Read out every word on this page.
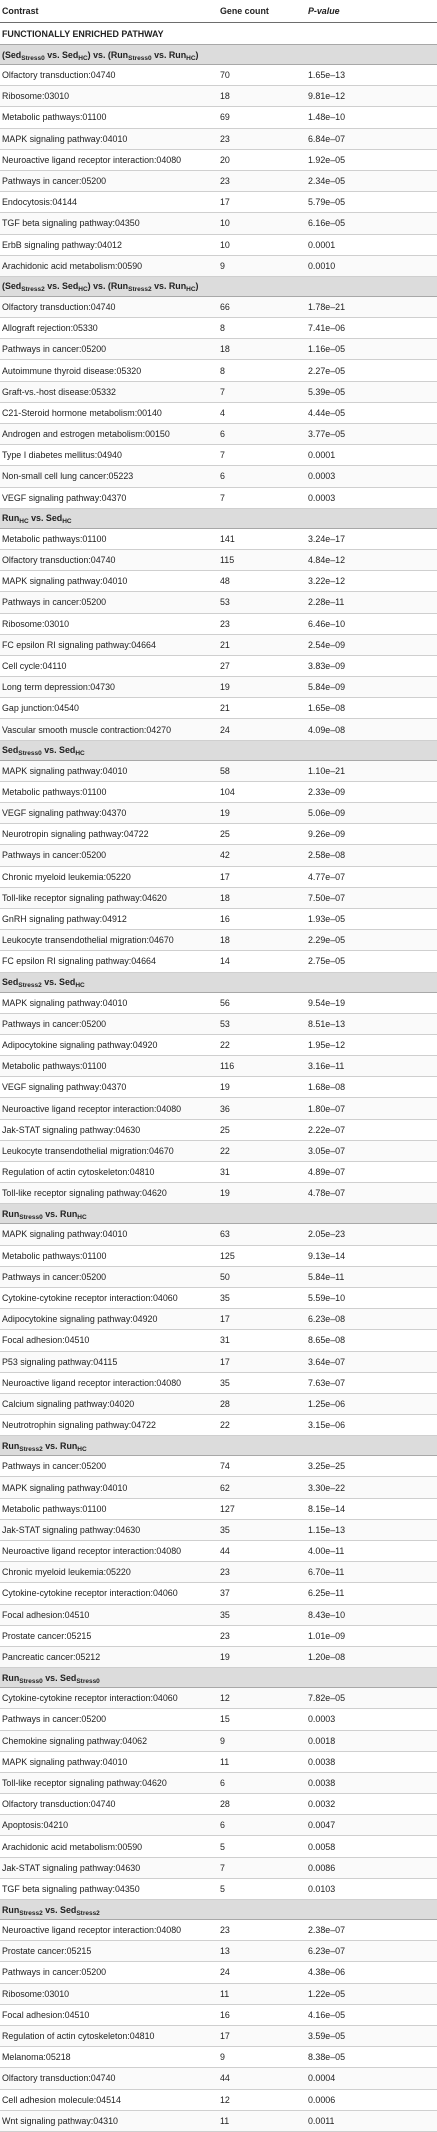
Contrast	Gene count	P-value
FUNCTIONALLY ENRICHED PATHWAY		
(Sed$_{Stress0}$ vs. Sed$_{HC}$) vs. (Run$_{Stress0}$ vs. Run$_{HC}$)		
Olfactory transduction:04740	70	1.65e–13
Ribosome:03010	18	9.81e–12
Metabolic pathways:01100	69	1.48e–10
MAPK signaling pathway:04010	23	6.84e–07
Neuroactive ligand receptor interaction:04080	20	1.92e–05
Pathways in cancer:05200	23	2.34e–05
Endocytosis:04144	17	5.79e–05
TGF beta signaling pathway:04350	10	6.16e–05
ErbB signaling pathway:04012	10	0.0001
Arachidonic acid metabolism:00590	9	0.0010
(Sed$_{Stress2}$ vs. Sed$_{HC}$) vs. (Run$_{Stress2}$ vs. Run$_{HC}$)		
Olfactory transduction:04740	66	1.78e–21
Allograft rejection:05330	8	7.41e–06
Pathways in cancer:05200	18	1.16e–05
Autoimmune thyroid disease:05320	8	2.27e–05
Graft-vs.-host disease:05332	7	5.39e–05
C21-Steroid hormone metabolism:00140	4	4.44e–05
Androgen and estrogen metabolism:00150	6	3.77e–05
Type I diabetes mellitus:04940	7	0.0001
Non-small cell lung cancer:05223	6	0.0003
VEGF signaling pathway:04370	7	0.0003
Run$_{HC}$ vs. Sed$_{HC}$
Metabolic pathways:01100	141	3.24e–17
Olfactory transduction:04740	115	4.84e–12
MAPK signaling pathway:04010	48	3.22e–12
Pathways in cancer:05200	53	2.28e–11
Ribosome:03010	23	6.46e–10
FC epsilon RI signaling pathway:04664	21	2.54e–09
Cell cycle:04110	27	3.83e–09
Long term depression:04730	19	5.84e–09
Gap junction:04540	21	1.65e–08
Vascular smooth muscle contraction:04270	24	4.09e–08
Sed$_{Stress0}$ vs. Sed$_{HC}$
MAPK signaling pathway:04010	58	1.10e–21
Metabolic pathways:01100	104	2.33e–09
VEGF signaling pathway:04370	19	5.06e–09
Neurotropin signaling pathway:04722	25	9.26e–09
Pathways in cancer:05200	42	2.58e–08
Chronic myeloid leukemia:05220	17	4.77e–07
Toll-like receptor signaling pathway:04620	18	7.50e–07
GnRH signaling pathway:04912	16	1.93e–05
Leukocyte transendothelial migration:04670	18	2.29e–05
FC epsilon RI signaling pathway:04664	14	2.75e–05
Sed$_{Stress2}$ vs. Sed$_{HC}$
MAPK signaling pathway:04010	56	9.54e–19
Pathways in cancer:05200	53	8.51e–13
Adipocytokine signaling pathway:04920	22	1.95e–12
Metabolic pathways:01100	116	3.16e–11
VEGF signaling pathway:04370	19	1.68e–08
Neuroactive ligand receptor interaction:04080	36	1.80e–07
Jak-STAT signaling pathway:04630	25	2.22e–07
Leukocyte transendothelial migration:04670	22	3.05e–07
Regulation of actin cytoskeleton:04810	31	4.89e–07
Toll-like receptor signaling pathway:04620	19	4.78e–07
Run$_{Stress0}$ vs. Run$_{HC}$
MAPK signaling pathway:04010	63	2.05e–23
Metabolic pathways:01100	125	9.13e–14
Pathways in cancer:05200	50	5.84e–11
Cytokine-cytokine receptor interaction:04060	35	5.59e–10
Adipocytokine signaling pathway:04920	17	6.23e–08
Focal adhesion:04510	31	8.65e–08
P53 signaling pathway:04115	17	3.64e–07
Neuroactive ligand receptor interaction:04080	35	7.63e–07
Calcium signaling pathway:04020	28	1.25e–06
Neutrotrophin signaling pathway:04722	22	3.15e–06
Run$_{Stress2}$ vs. Run$_{HC}$
Pathways in cancer:05200	74	3.25e–25
MAPK signaling pathway:04010	62	3.30e–22
Metabolic pathways:01100	127	8.15e–14
Jak-STAT signaling pathway:04630	35	1.15e–13
Neuroactive ligand receptor interaction:04080	44	4.00e–11
Chronic myeloid leukemia:05220	23	6.70e–11
Cytokine-cytokine receptor interaction:04060	37	6.25e–11
Focal adhesion:04510	35	8.43e–10
Prostate cancer:05215	23	1.01e–09
Pancreatic cancer:05212	19	1.20e–08
Run$_{Stress0}$ vs. Sed$_{Stress0}$
Cytokine-cytokine receptor interaction:04060	12	7.82e–05
Pathways in cancer:05200	15	0.0003
Chemokine signaling pathway:04062	9	0.0018
MAPK signaling pathway:04010	11	0.0038
Toll-like receptor signaling pathway:04620	6	0.0038
Olfactory transduction:04740	28	0.0032
Apoptosis:04210	6	0.0047
Arachidonic acid metabolism:00590	5	0.0058
Jak-STAT signaling pathway:04630	7	0.0086
TGF beta signaling pathway:04350	5	0.0103
Run$_{Stress2}$ vs. Sed$_{Stress2}$
Neuroactive ligand receptor interaction:04080	23	2.38e–07
Prostate cancer:05215	13	6.23e–07
Pathways in cancer:05200	24	4.38e–06
Ribosome:03010	11	1.22e–05
Focal adhesion:04510	16	4.16e–05
Regulation of actin cytoskeleton:04810	17	3.59e–05
Melanoma:05218	9	8.38e–05
Olfactory transduction:04740	44	0.0004
Cell adhesion molecule:04514	12	0.0006
Wnt signaling pathway:04310	11	0.0011
